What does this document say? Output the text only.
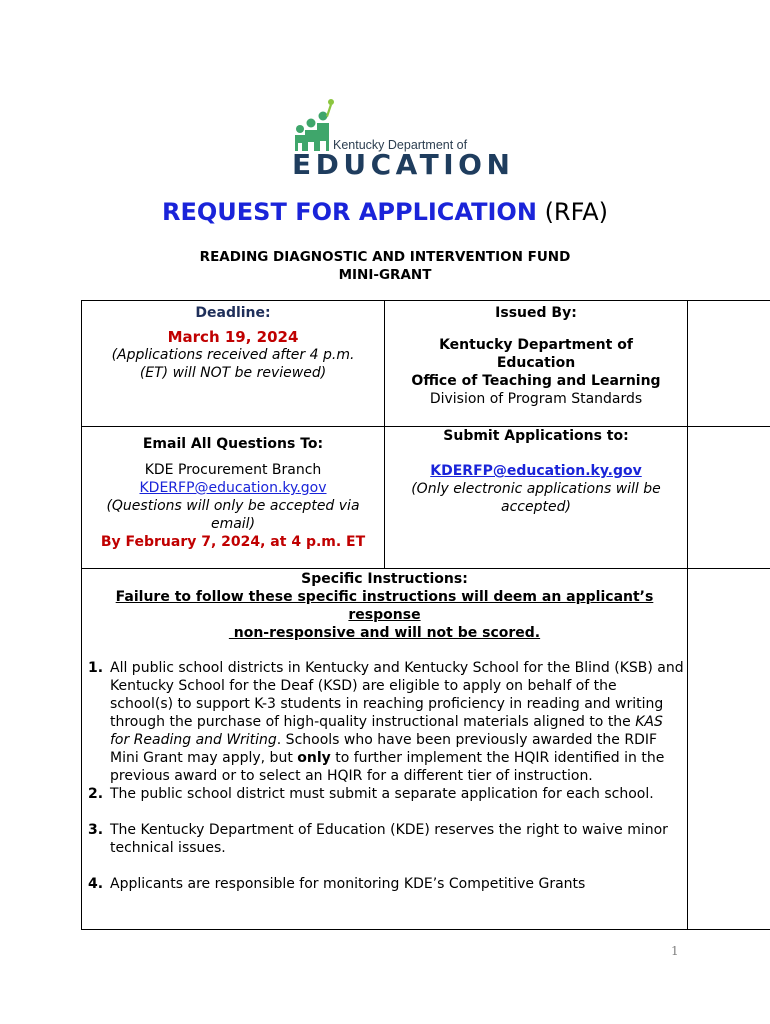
Kentucky Department of
EDUCATION
REQUEST FOR APPLICATION (RFA)
READING DIAGNOSTIC AND INTERVENTION FUND
MINI-GRANT
Deadline:
March 19, 2024
(Applications received after 4 p.m.
(ET) will NOT be reviewed)
Issued By:
Kentucky Department of
Education
Office of Teaching and Learning
Division of Program Standards
Email All Questions To:
KDE Procurement Branch
KDERFP@education.ky.gov
(Questions will only be accepted via
email)
By February 7, 2024, at 4 p.m. ET
Submit Applications to:
KDERFP@education.ky.gov
(Only electronic applications will be
accepted)
Specific Instructions:
Failure to follow these specific instructions will deem an applicant’s
response
non-responsive and will not be scored.
1. All public school districts in Kentucky and Kentucky School for the Blind (KSB) and Kentucky School for the Deaf (KSD) are eligible to apply on behalf of the school(s) to support K-3 students in reaching proficiency in reading and writing through the purchase of high-quality instructional materials aligned to the KAS for Reading and Writing. Schools who have been previously awarded the RDIF Mini Grant may apply, but only to further implement the HQIR identified in the previous award or to select an HQIR for a different tier of instruction.
2. The public school district must submit a separate application for each school.
3. The Kentucky Department of Education (KDE) reserves the right to waive minor technical issues.
4. Applicants are responsible for monitoring KDE’s Competitive Grants
1
